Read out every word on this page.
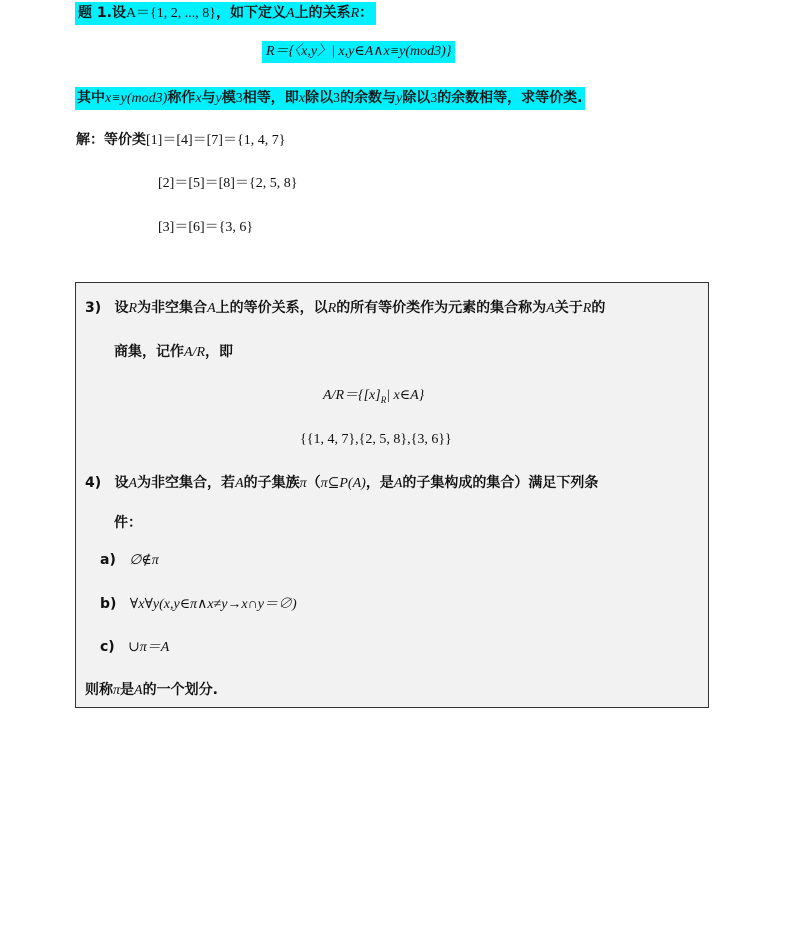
题 1.设A＝{1, 2, ..., 8}，如下定义A上的关系R：
R＝{〈x,y〉| x,y∈A∧x≡y(mod3)}
其中x≡y(mod3)称作x与y模3相等，即x除以3的余数与y除以3的余数相等，求等价类.
解：等价类[1]＝[4]＝[7]＝{1, 4, 7}
[2]＝[5]＝[8]＝{2, 5, 8}
[3]＝[6]＝{3, 6}
3) 设R为非空集合A上的等价关系，以R的所有等价类作为元素的集合称为A关于R的
商集，记作A/R，即
$A/R=\{[x]_R|$ x∈A}
{{1, 4, 7},{2, 5, 8},{3, 6}}
4) 设A为非空集合，若A的子集族π（π⊆P(A)，是A的子集构成的集合）满足下列条
件：
a) ∅∉π
b) ∀x∀y(x,y∈π∧x≠y→x∩y＝∅)
c) ∪π＝A
则称π是A的一个划分.
